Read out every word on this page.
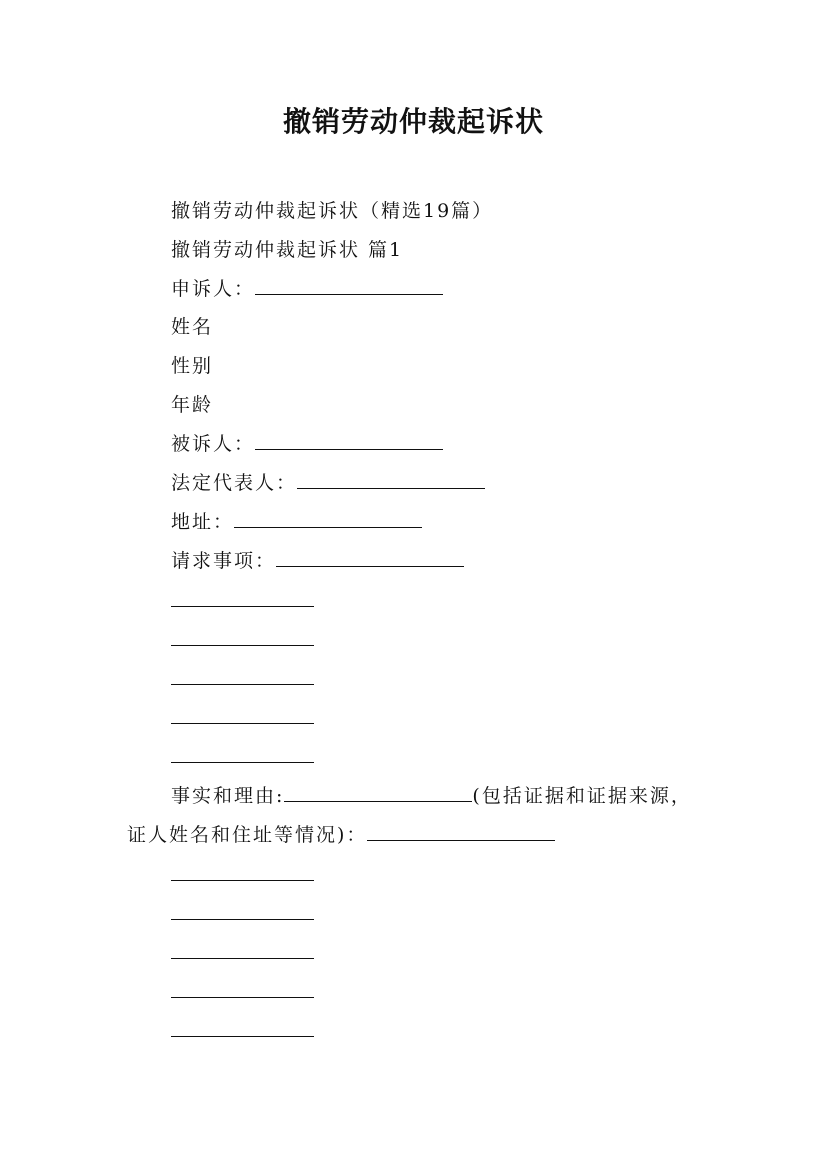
撤销劳动仲裁起诉状
撤销劳动仲裁起诉状（精选19篇）
撤销劳动仲裁起诉状 篇1
申诉人：
姓名
性别
年龄
被诉人：
法定代表人：
地址：
请求事项：
事实和理由:	(包括证据和证据来源，
证人姓名和住址等情况)：
